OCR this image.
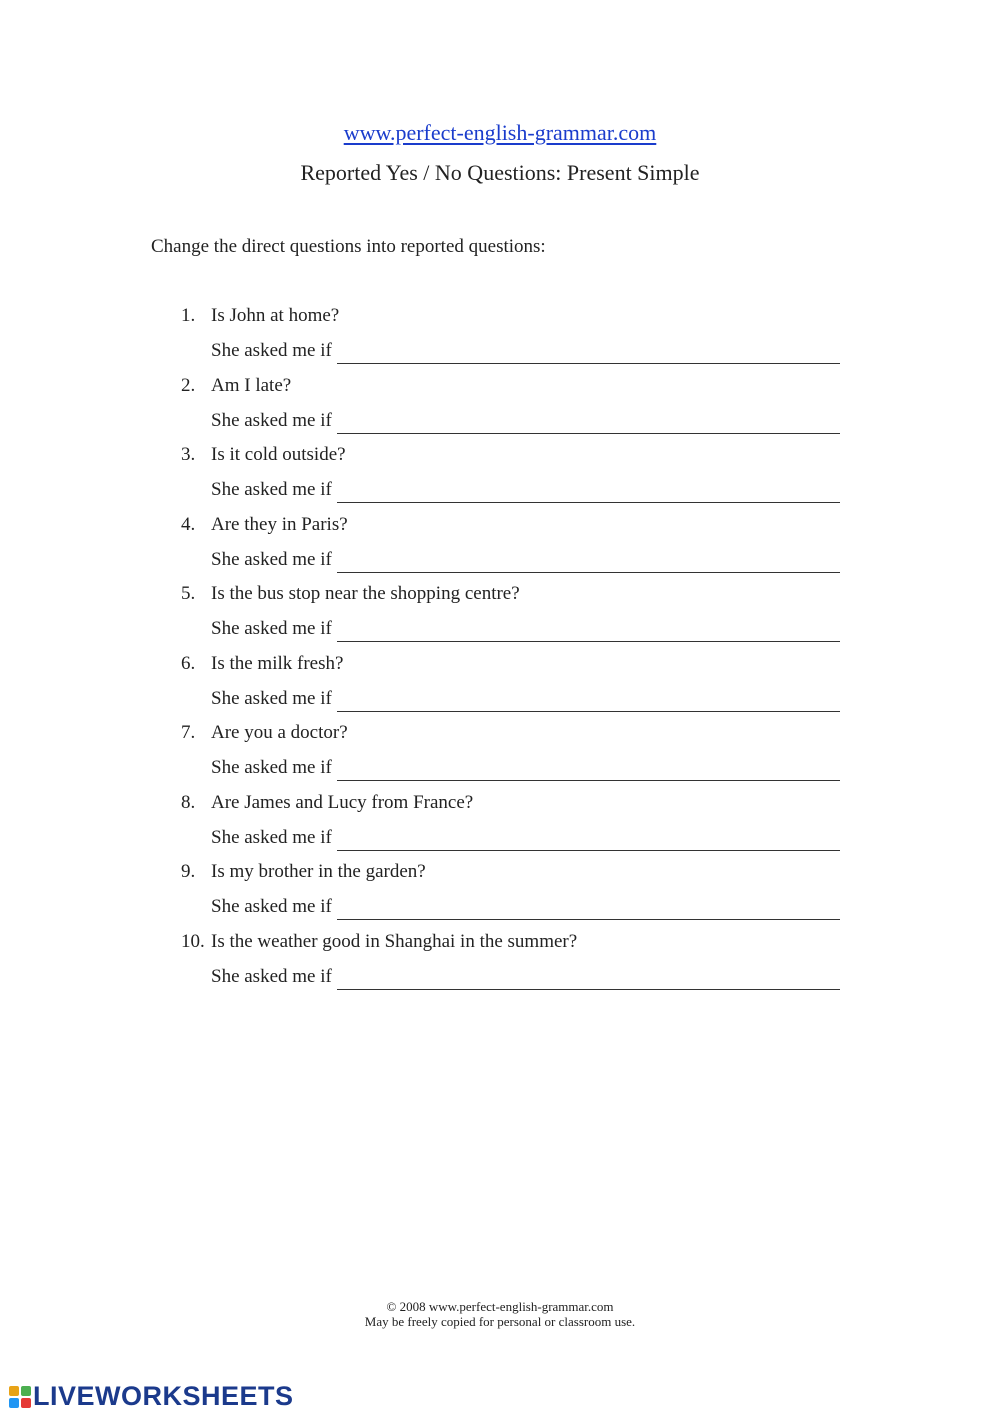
www.perfect-english-grammar.com
Reported Yes / No Questions: Present Simple
Change the direct questions into reported questions:
1. Is John at home?
She asked me if
2. Am I late?
She asked me if
3. Is it cold outside?
She asked me if
4. Are they in Paris?
She asked me if
5. Is the bus stop near the shopping centre?
She asked me if
6. Is the milk fresh?
She asked me if
7. Are you a doctor?
She asked me if
8. Are James and Lucy from France?
She asked me if
9. Is my brother in the garden?
She asked me if
10. Is the weather good in Shanghai in the summer?
She asked me if
© 2008 www.perfect-english-grammar.com
May be freely copied for personal or classroom use.
LIVEWORKSHEETS
